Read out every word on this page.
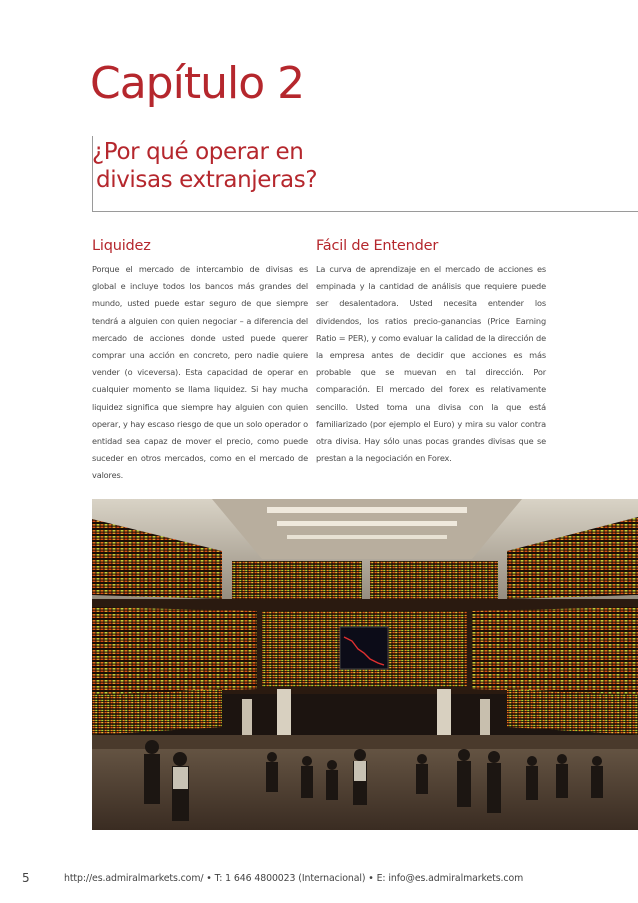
Capítulo 2
¿Por qué operar en
divisas extranjeras?
Liquidez

Porque el mercado de intercambio de divisas es global e incluye todos los bancos más grandes del mundo, usted puede estar seguro de que siempre tendrá a alguien con quien negociar – a diferencia del mercado de acciones donde usted puede querer comprar una acción en concreto, pero nadie quiere vender (o viceversa). Esta capacidad de operar en cualquier momento se llama liquidez. Si hay mucha liquidez significa que siempre hay alguien con quien operar, y hay escaso riesgo de que un solo operador o entidad sea capaz de mover el precio, como puede suceder en otros mercados, como en el mercado de valores.

Fácil de Entender

La curva de aprendizaje en el mercado de acciones es empinada y la cantidad de análisis que requiere puede ser desalentadora. Usted necesita entender los dividendos, los ratios precio-ganancias (Price Earning Ratio = PER), y como evaluar la calidad de la dirección de la empresa antes de decidir que acciones es más probable que se muevan en tal dirección. Por comparación. El mercado del forex es relativamente sencillo. Usted toma una divisa con la que está familiarizado (por ejemplo el Euro) y mira su valor contra otra divisa. Hay sólo unas pocas grandes divisas que se prestan a la negociación en Forex.

5	http://es.admiralmarkets.com/ • T: 1 646 4800023 (Internacional) • E: info@es.admiralmarkets.com
